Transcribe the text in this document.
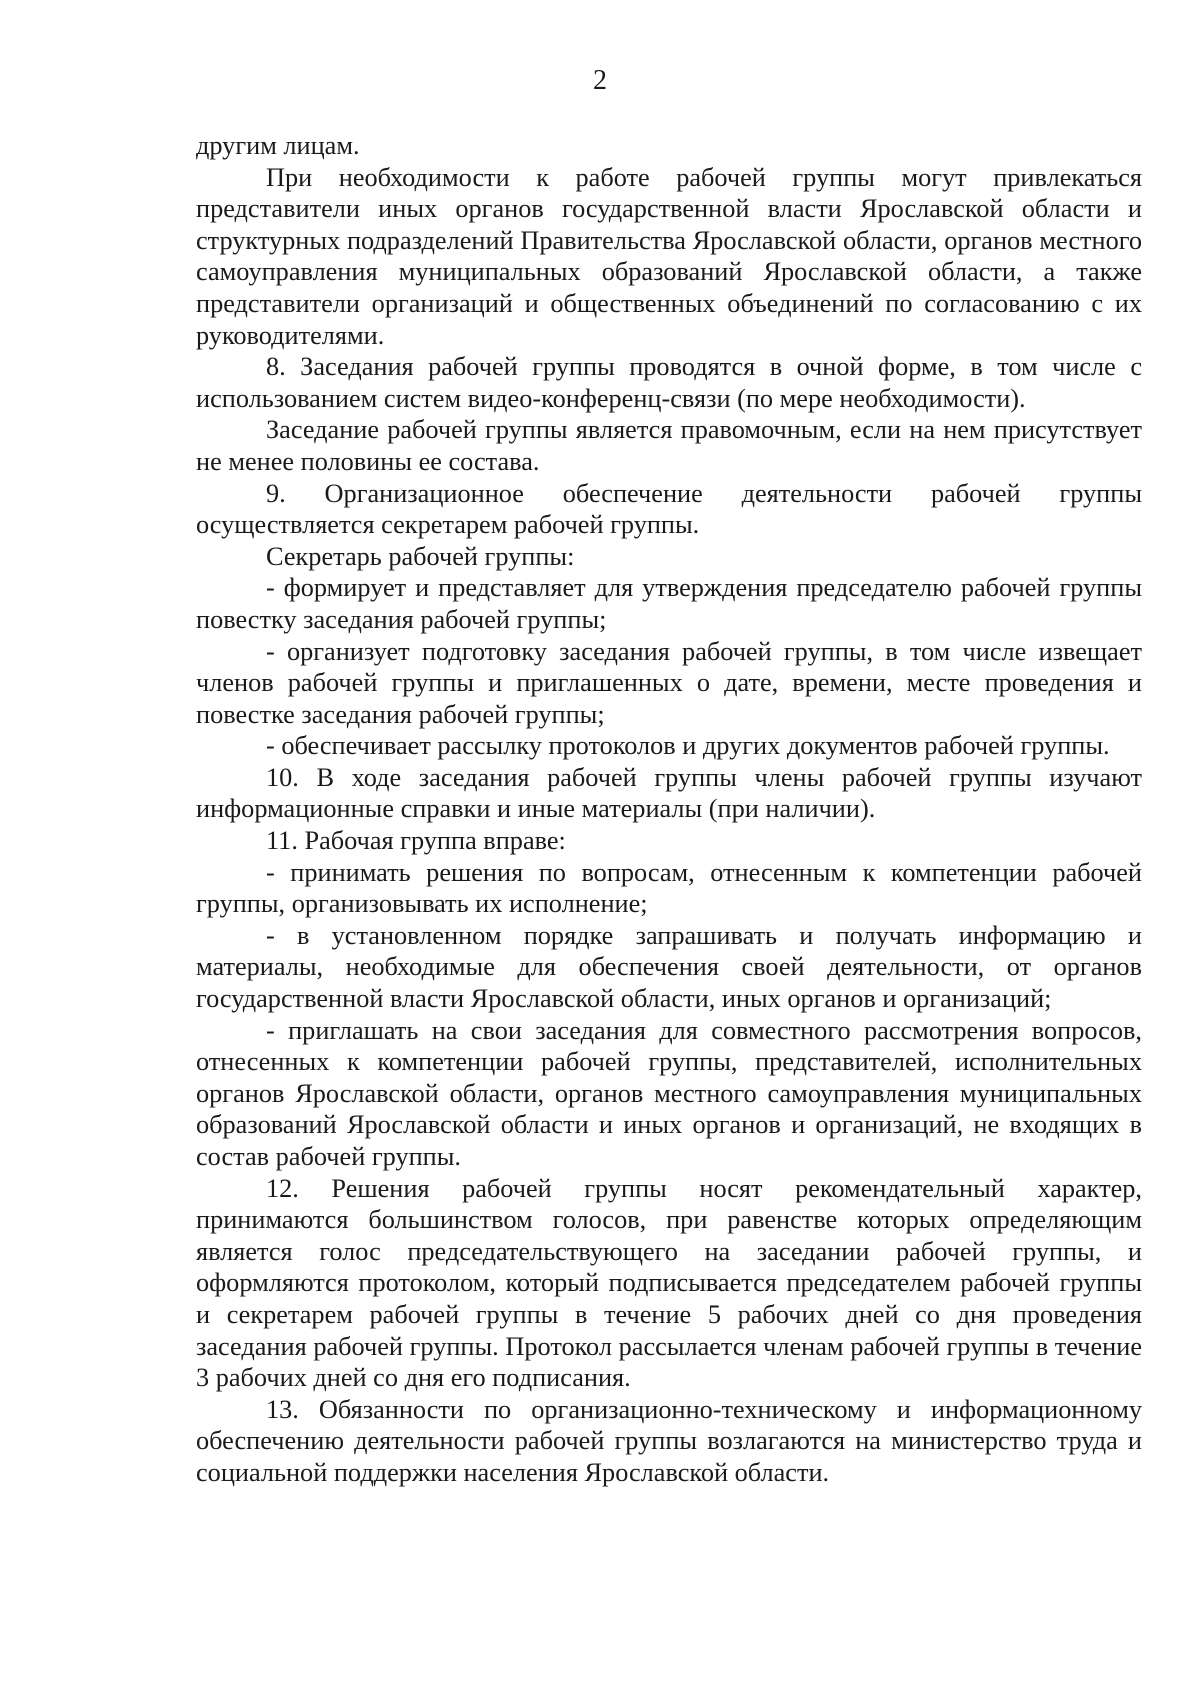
2

другим лицам.

При необходимости к работе рабочей группы могут привлекаться представители иных органов государственной власти Ярославской области и структурных подразделений Правительства Ярославской области, органов местного самоуправления муниципальных образований Ярославской области, а также представители организаций и общественных объединений по согласованию с их руководителями.

8. Заседания рабочей группы проводятся в очной форме, в том числе с использованием систем видео-конференц-связи (по мере необходимости).

Заседание рабочей группы является правомочным, если на нем присутствует не менее половины ее состава.

9. Организационное обеспечение деятельности рабочей группы осуществляется секретарем рабочей группы.

Секретарь рабочей группы:

- формирует и представляет для утверждения председателю рабочей группы повестку заседания рабочей группы;

- организует подготовку заседания рабочей группы, в том числе извещает членов рабочей группы и приглашенных о дате, времени, месте проведения и повестке заседания рабочей группы;

- обеспечивает рассылку протоколов и других документов рабочей группы.

10. В ходе заседания рабочей группы члены рабочей группы изучают информационные справки и иные материалы (при наличии).

11. Рабочая группа вправе:

- принимать решения по вопросам, отнесенным к компетенции рабочей группы, организовывать их исполнение;

- в установленном порядке запрашивать и получать информацию и материалы, необходимые для обеспечения своей деятельности, от органов государственной власти Ярославской области, иных органов и организаций;

- приглашать на свои заседания для совместного рассмотрения вопросов, отнесенных к компетенции рабочей группы, представителей, исполнительных органов Ярославской области, органов местного самоуправления муниципальных образований Ярославской области и иных органов и организаций, не входящих в состав рабочей группы.

12. Решения рабочей группы носят рекомендательный характер, принимаются большинством голосов, при равенстве которых определяющим является голос председательствующего на заседании рабочей группы, и оформляются протоколом, который подписывается председателем рабочей группы и секретарем рабочей группы в течение 5 рабочих дней со дня проведения заседания рабочей группы. Протокол рассылается членам рабочей группы в течение 3 рабочих дней со дня его подписания.

13. Обязанности по организационно-техническому и информационному обеспечению деятельности рабочей группы возлагаются на министерство труда и социальной поддержки населения Ярославской области.
